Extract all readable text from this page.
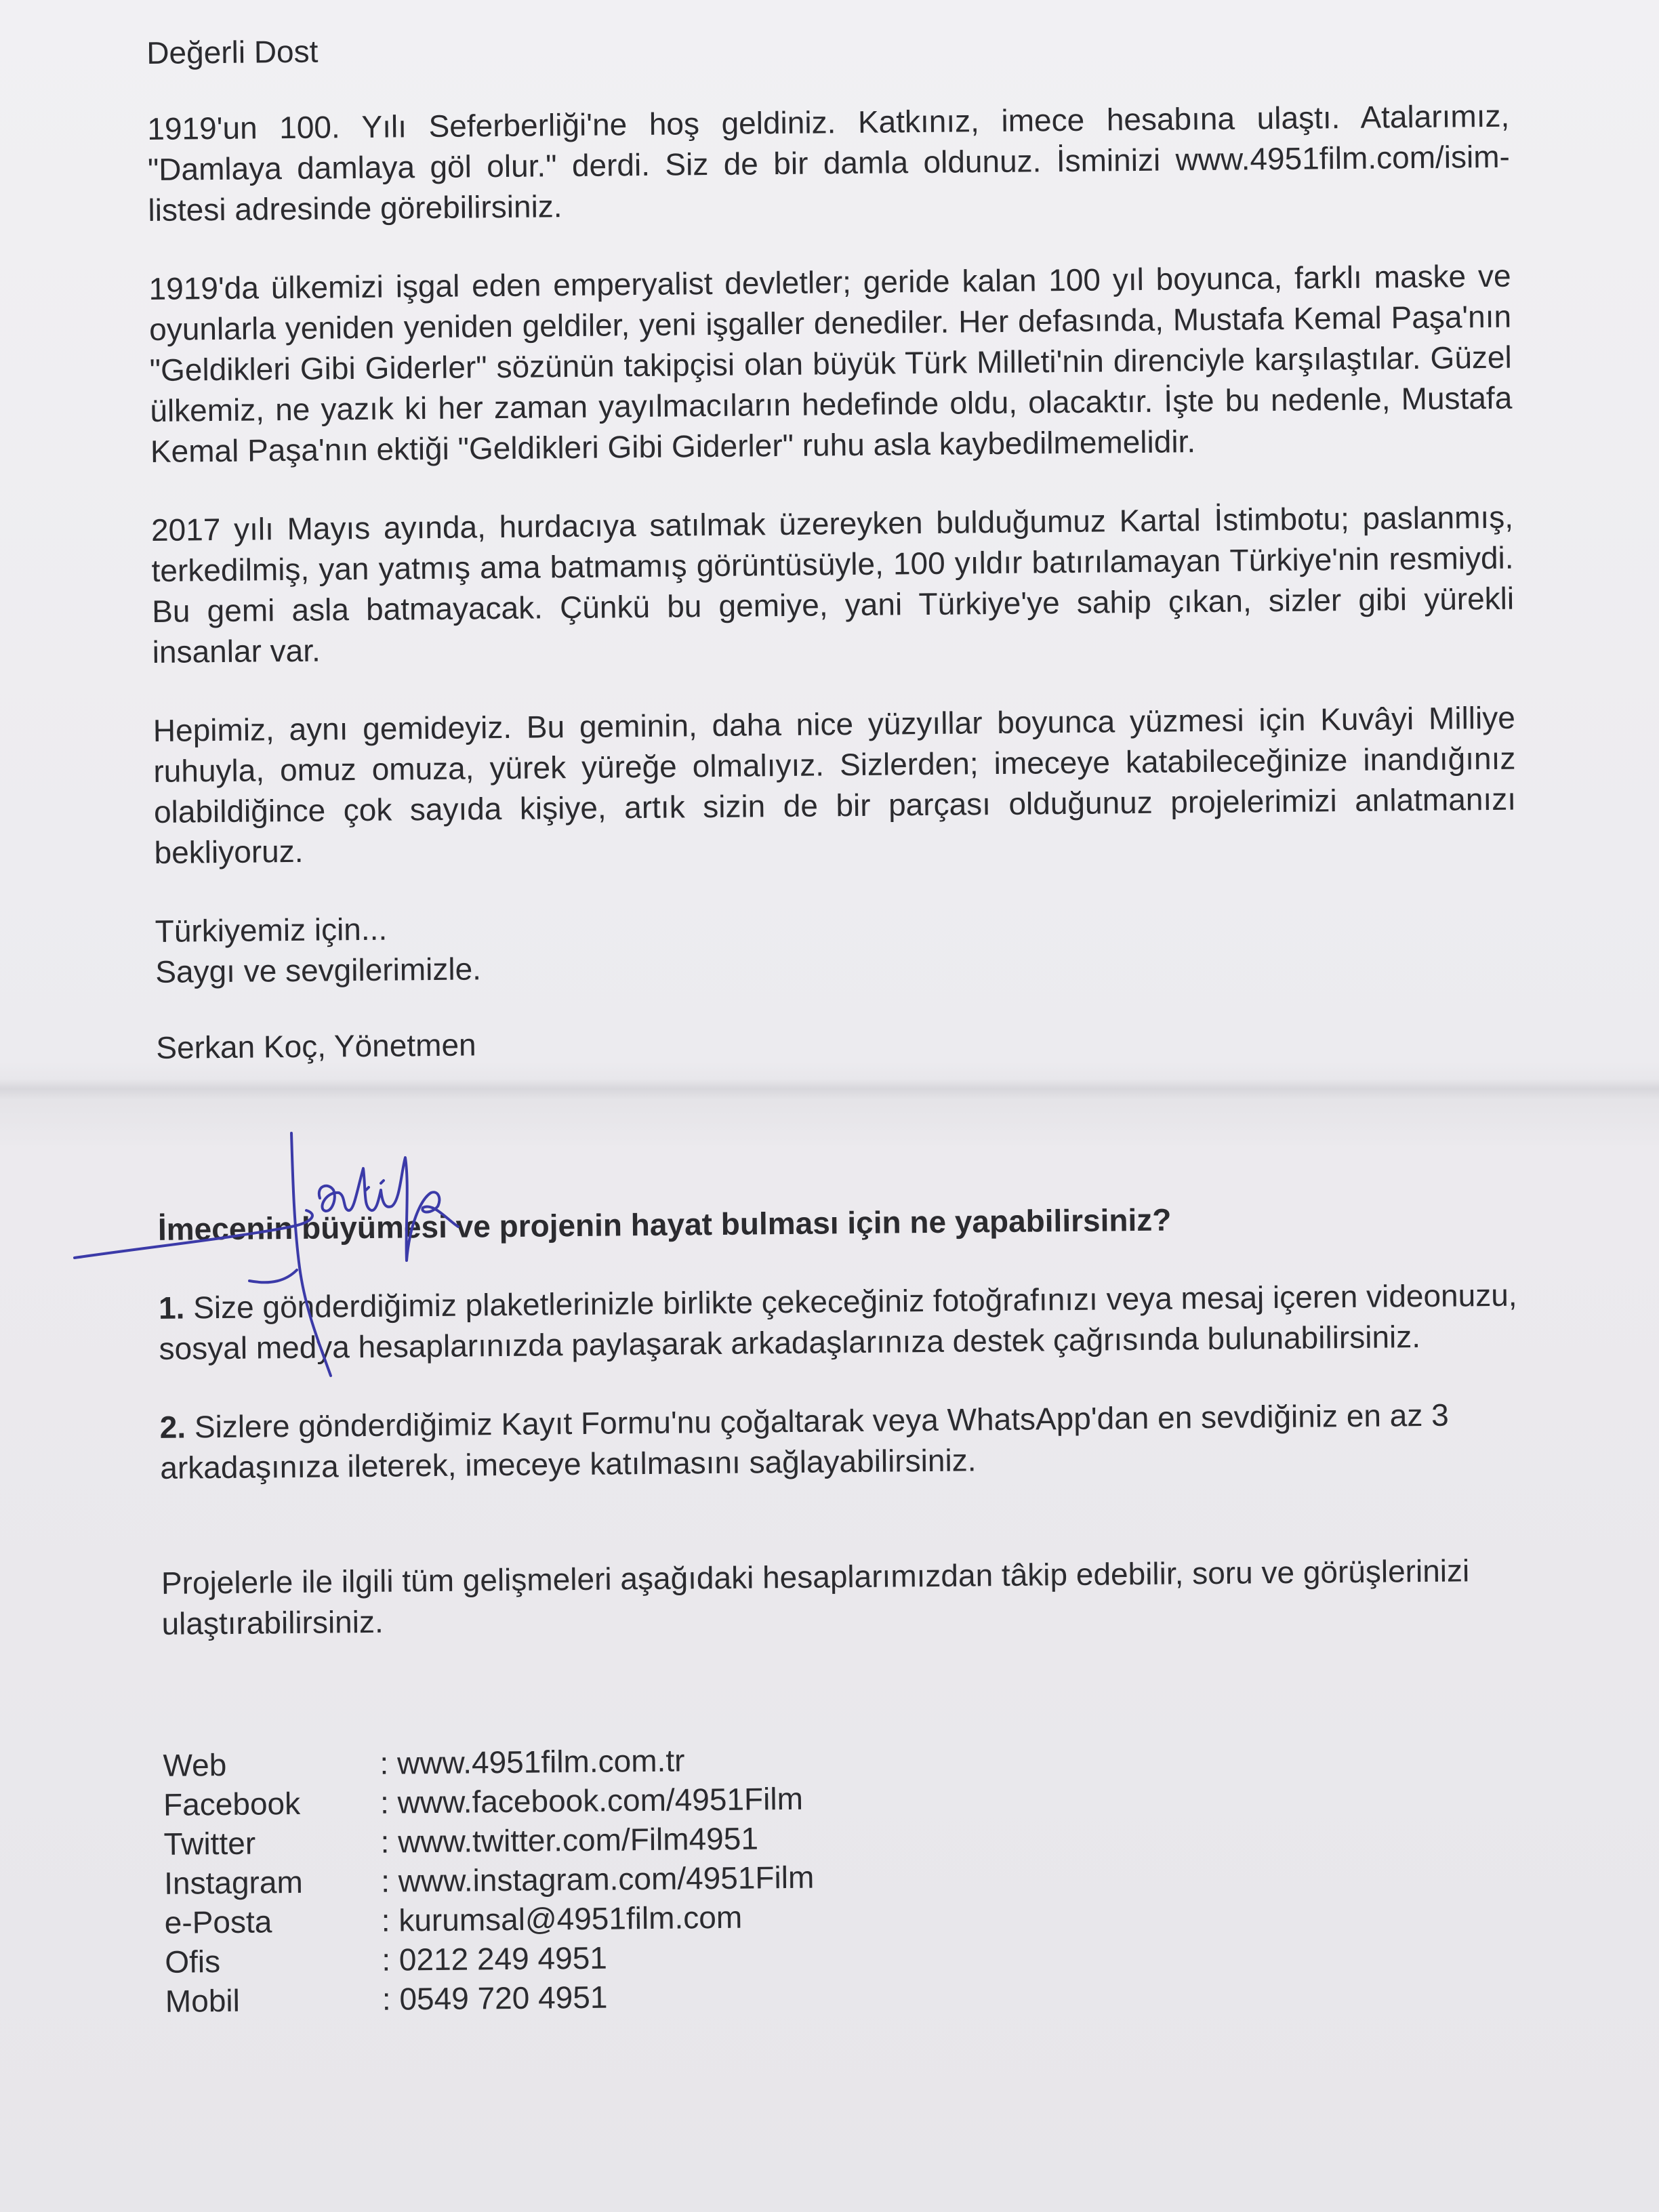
Değerli Dost

1919'un 100. Yılı Seferberliği'ne hoş geldiniz. Katkınız, imece hesabına ulaştı. Atalarımız, "Damlaya damlaya göl olur." derdi. Siz de bir damla oldunuz. İsminizi www.4951film.com/isim-listesi adresinde görebilirsiniz.

1919'da ülkemizi işgal eden emperyalist devletler; geride kalan 100 yıl boyunca, farklı maske ve oyunlarla yeniden yeniden geldiler, yeni işgaller denediler. Her defasında, Mustafa Kemal Paşa'nın "Geldikleri Gibi Giderler" sözünün takipçisi olan büyük Türk Milleti'nin direnciyle karşılaştılar. Güzel ülkemiz, ne yazık ki her zaman yayılmacıların hedefinde oldu, olacaktır. İşte bu nedenle, Mustafa Kemal Paşa'nın ektiği "Geldikleri Gibi Giderler" ruhu asla kaybedilmemelidir.

2017 yılı Mayıs ayında, hurdacıya satılmak üzereyken bulduğumuz Kartal İstimbotu; paslanmış, terkedilmiş, yan yatmış ama batmamış görüntüsüyle, 100 yıldır batırılamayan Türkiye'nin resmiydi. Bu gemi asla batmayacak. Çünkü bu gemiye, yani Türkiye'ye sahip çıkan, sizler gibi yürekli insanlar var.

Hepimiz, aynı gemideyiz. Bu geminin, daha nice yüzyıllar boyunca yüzmesi için Kuvâyi Milliye ruhuyla, omuz omuza, yürek yüreğe olmalıyız. Sizlerden; imeceye katabileceğinize inandığınız olabildiğince çok sayıda kişiye, artık sizin de bir parçası olduğunuz projelerimizi anlatmanızı bekliyoruz.

Türkiyemiz için...
Saygı ve sevgilerimizle.

Serkan Koç, Yönetmen

İmecenin büyümesi ve projenin hayat bulması için ne yapabilirsiniz?

1. Size gönderdiğimiz plaketlerinizle birlikte çekeceğiniz fotoğrafınızı veya mesaj içeren videonuzu, sosyal medya hesaplarınızda paylaşarak arkadaşlarınıza destek çağrısında bulunabilirsiniz.

2. Sizlere gönderdiğimiz Kayıt Formu'nu çoğaltarak veya WhatsApp'dan en sevdiğiniz en az 3 arkadaşınıza ileterek, imeceye katılmasını sağlayabilirsiniz.

Projelerle ile ilgili tüm gelişmeleri aşağıdaki hesaplarımızdan tâkip edebilir, soru ve görüşlerinizi ulaştırabilirsiniz.

Web	: www.4951film.com.tr
Facebook	: www.facebook.com/4951Film
Twitter	: www.twitter.com/Film4951
Instagram	: www.instagram.com/4951Film
e-Posta	: kurumsal@4951film.com
Ofis	: 0212 249 4951
Mobil	: 0549 720 4951
